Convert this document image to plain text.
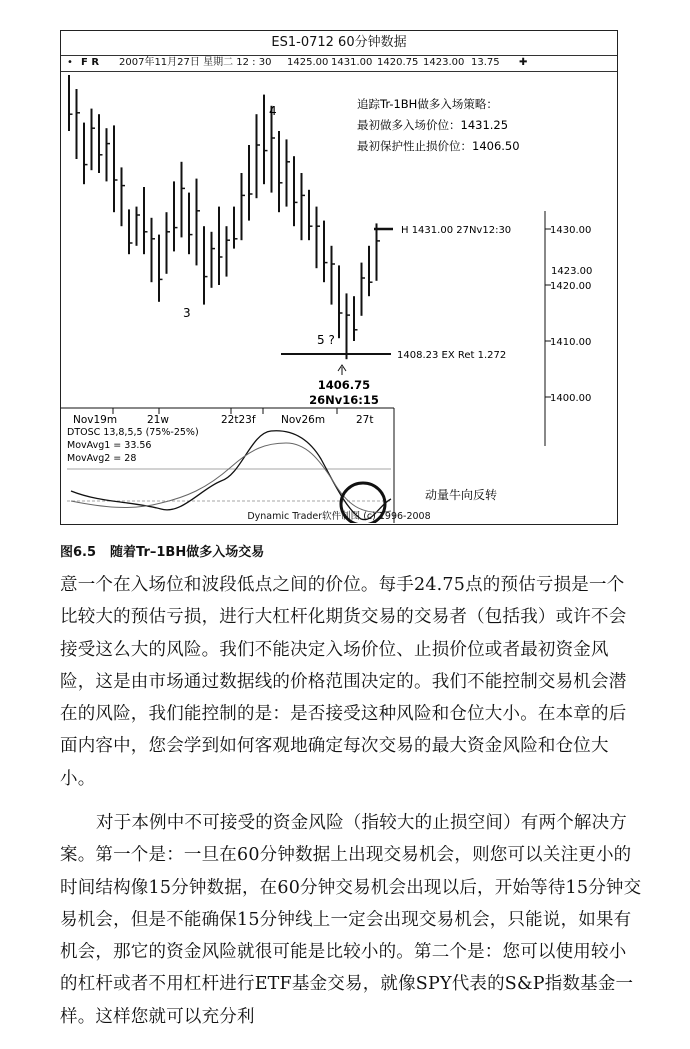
ES1-0712 60分钟数据
• F R 2007年11月27日 星期二 12 : 30 1425.00 1431.00 1420.75 1423.00 13.75 ✚
1430.00
1420.00
1410.00
1400.00
1423.00
追踪Tr-1BH做多入场策略：
最初做多入场价位：1431.25
最初保护性止损价位：1406.50
4
3
5 ?
H 1431.00 27Nv12:30
1408.23 EX Ret 1.272
1406.75
26Nv16:15
Nov19m	21w	22t23f Nov26m	27t
DTOSC 13,8,5,5 (75%-25%)
MovAvg1 = 33.56
MovAvg2 = 28
动量牛向反转
Dynamic Trader软件制图 (c) 1996-2008
图6.5 随着Tr–1BH做多入场交易

意一个在入场位和波段低点之间的价位。每手24.75点的预估亏损是一个比较大的预估亏损，进行大杠杆化期货交易的交易者（包括我）或许不会接受这么大的风险。我们不能决定入场价位、止损价位或者最初资金风险，这是由市场通过数据线的价格范围决定的。我们不能控制交易机会潜在的风险，我们能控制的是：是否接受这种风险和仓位大小。在本章的后面内容中，您会学到如何客观地确定每次交易的最大资金风险和仓位大小。

对于本例中不可接受的资金风险（指较大的止损空间）有两个解决方案。第一个是：一旦在60分钟数据上出现交易机会，则您可以关注更小的时间结构像15分钟数据，在60分钟交易机会出现以后，开始等待15分钟交易机会，但是不能确保15分钟线上一定会出现交易机会，只能说，如果有机会，那它的资金风险就很可能是比较小的。第二个是：您可以使用较小的杠杆或者不用杠杆进行ETF基金交易，就像SPY代表的S&P指数基金一样。这样您就可以充分利
